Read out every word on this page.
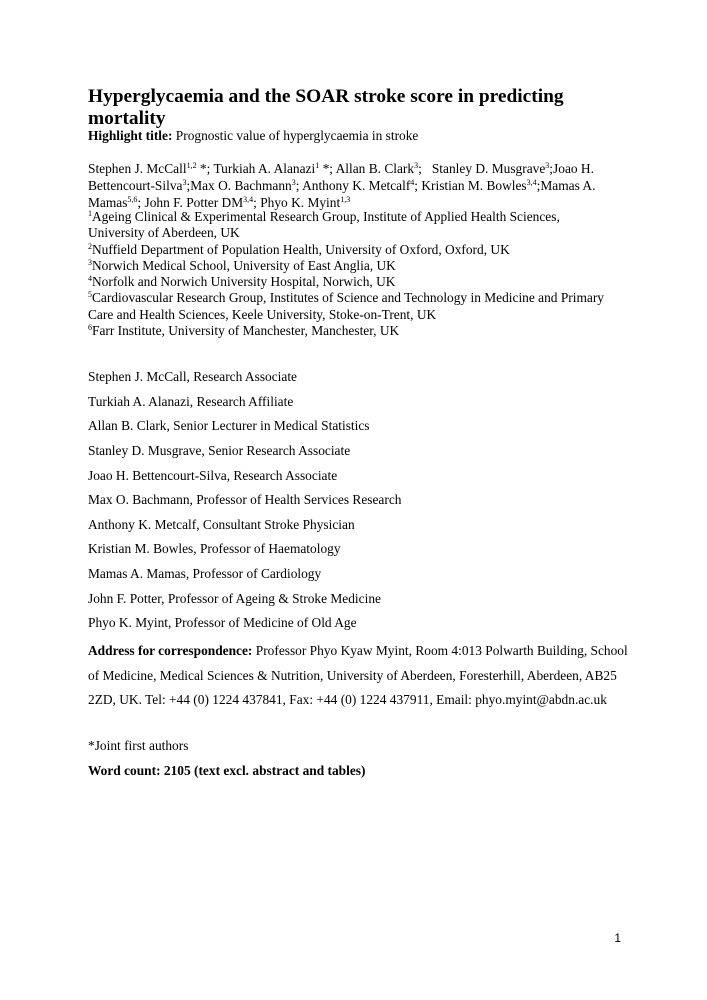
Hyperglycaemia and the SOAR stroke score in predicting mortality

Highlight title: Prognostic value of hyperglycaemia in stroke

Stephen J. McCall$^{1,2}$ *; Turkiah A. Alanazi$^1$ *; Allan B. Clark$^3$;   Stanley D. Musgrave$^3$;Joao H. Bettencourt-Silva$^3$;Max O. Bachmann$^3$; Anthony K. Metcalf$^4$; Kristian M. Bowles$^{3,4}$;Mamas A. Mamas$^{5,6}$; John F. Potter DM$^{3,4}$; Phyo K. Myint$^{1,3}$

$^1$Ageing Clinical & Experimental Research Group, Institute of Applied Health Sciences, University of Aberdeen, UK

$^2$Nuffield Department of Population Health, University of Oxford, Oxford, UK

$^3$Norwich Medical School, University of East Anglia, UK

$^4$Norfolk and Norwich University Hospital, Norwich, UK

$^5$Cardiovascular Research Group, Institutes of Science and Technology in Medicine and Primary Care and Health Sciences, Keele University, Stoke-on-Trent, UK

$^6$Farr Institute, University of Manchester, Manchester, UK

Stephen J. McCall, Research Associate
Turkiah A. Alanazi, Research Affiliate
Allan B. Clark, Senior Lecturer in Medical Statistics
Stanley D. Musgrave, Senior Research Associate
Joao H. Bettencourt-Silva, Research Associate
Max O. Bachmann, Professor of Health Services Research
Anthony K. Metcalf, Consultant Stroke Physician
Kristian M. Bowles, Professor of Haematology
Mamas A. Mamas, Professor of Cardiology
John F. Potter, Professor of Ageing & Stroke Medicine
Phyo K. Myint, Professor of Medicine of Old Age

Address for correspondence: Professor Phyo Kyaw Myint, Room 4:013 Polwarth Building, School of Medicine, Medical Sciences & Nutrition, University of Aberdeen, Foresterhill, Aberdeen, AB25 2ZD, UK. Tel: +44 (0) 1224 437841, Fax: +44 (0) 1224 437911, Email: phyo.myint@abdn.ac.uk

*Joint first authors

Word count: 2105 (text excl. abstract and tables)

1
